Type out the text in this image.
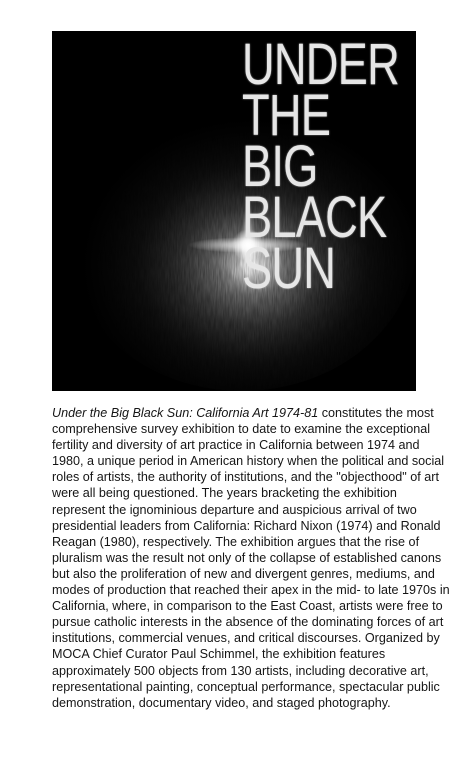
UNDER
THE
BIG
BLACK
SUN

Under the Big Black Sun: California Art 1974-81 constitutes the most comprehensive survey exhibition to date to examine the exceptional fertility and diversity of art practice in California between 1974 and 1980, a unique period in American history when the political and social roles of artists, the authority of institutions, and the "objecthood" of art were all being questioned. The years bracketing the exhibition represent the ignominious departure and auspicious arrival of two presidential leaders from California: Richard Nixon (1974) and Ronald Reagan (1980), respectively. The exhibition argues that the rise of pluralism was the result not only of the collapse of established canons but also the proliferation of new and divergent genres, mediums, and modes of production that reached their apex in the mid- to late 1970s in California, where, in comparison to the East Coast, artists were free to pursue catholic interests in the absence of the dominating forces of art institutions, commercial venues, and critical discourses. Organized by MOCA Chief Curator Paul Schimmel, the exhibition features approximately 500 objects from 130 artists, including decorative art, representational painting, conceptual performance, spectacular public demonstration, documentary video, and staged photography.
